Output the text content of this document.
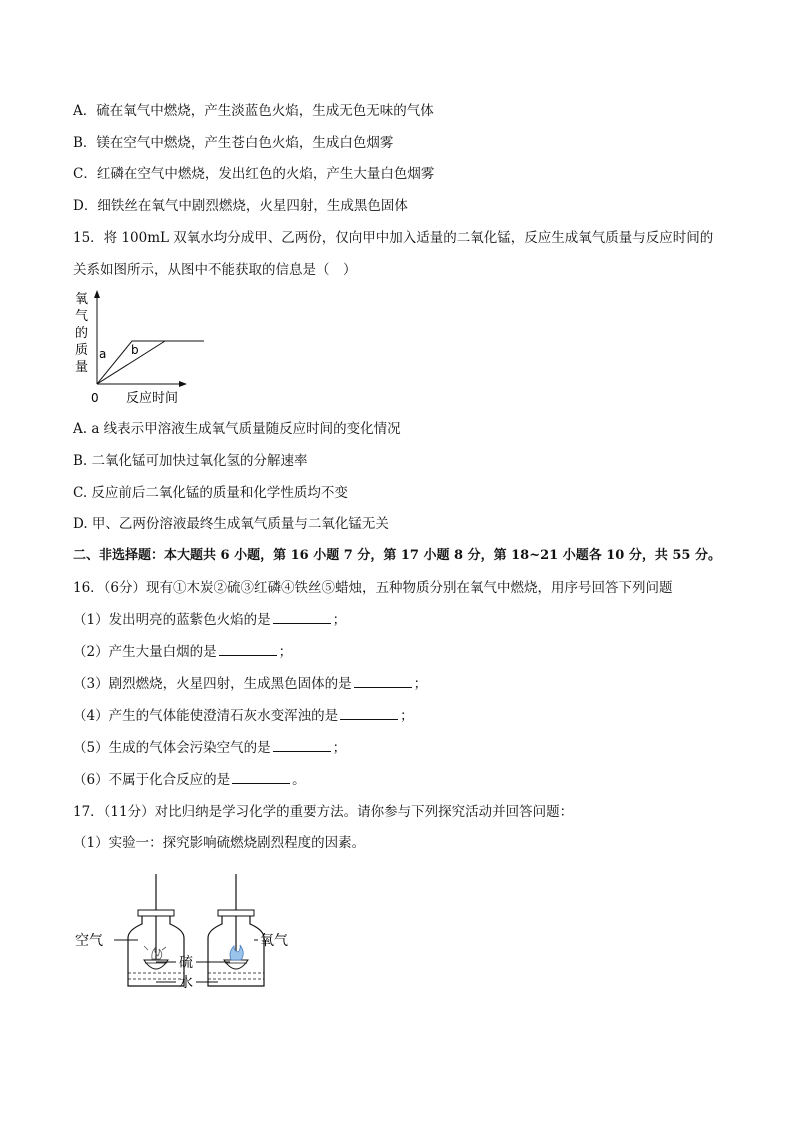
A．硫在氧气中燃烧，产生淡蓝色火焰，生成无色无味的气体
B．镁在空气中燃烧，产生苍白色火焰，生成白色烟雾
C．红磷在空气中燃烧，发出红色的火焰，产生大量白色烟雾
D．细铁丝在氧气中剧烈燃烧，火星四射，生成黑色固体
15．将 100mL 双氧水均分成甲、乙两份，仅向甲中加入适量的二氧化锰，反应生成氧气质量与反应时间的
关系如图所示，从图中不能获取的信息是（　）
氧
气
的
质
量
a b
0 反应时间
A. a 线表示甲溶液生成氧气质量随反应时间的变化情况
B. 二氧化锰可加快过氧化氢的分解速率
C. 反应前后二氧化锰的质量和化学性质均不变
D. 甲、乙两份溶液最终生成氧气质量与二氧化锰无关
二、非选择题：本大题共 6 小题，第 16 小题 7 分，第 17 小题 8 分，第 18~21 小题各 10 分，共 55 分。
16．（6分）现有①木炭②硫③红磷④铁丝⑤蜡烛，五种物质分别在氧气中燃烧，用序号回答下列问题
（1）发出明亮的蓝紫色火焰的是	；
（2）产生大量白烟的是	；
（3）剧烈燃烧，火星四射，生成黑色固体的是	；
（4）产生的气体能使澄清石灰水变浑浊的是	；
（5）生成的气体会污染空气的是	；
（6）不属于化合反应的是	。
17．（11分）对比归纳是学习化学的重要方法。请你参与下列探究活动并回答问题：
（1）实验一：探究影响硫燃烧剧烈程度的因素。
空气	氧气
硫
水
